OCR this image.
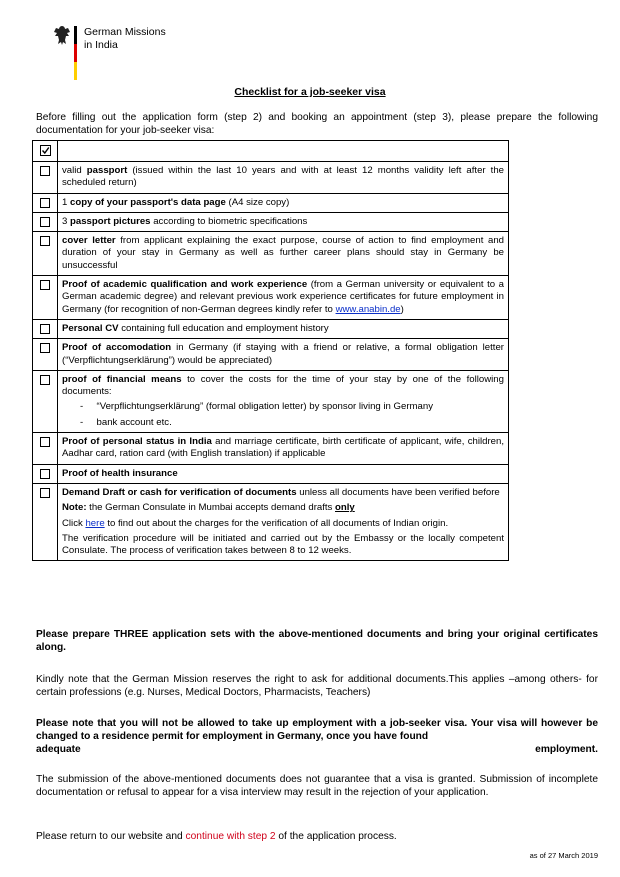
German Missions
in India
Checklist for a job-seeker visa
Before filling out the application form (step 2) and booking an appointment (step 3), please prepare the following documentation for your job-seeker visa:

	valid passport (issued within the last 10 years and with at least 12 months validity left after the scheduled return)
	1 copy of your passport's data page (A4 size copy)
	3 passport pictures according to biometric specifications
	cover letter from applicant explaining the exact purpose, course of action to find employment and duration of your stay in Germany as well as further career plans should stay in Germany be unsuccessful
	Proof of academic qualification and work experience (from a German university or equivalent to a German academic degree) and relevant previous work experience certificates for future employment in Germany (for recognition of non-German degrees kindly refer to www.anabin.de)
	Personal CV containing full education and employment history
	Proof of accomodation in Germany (if staying with a friend or relative, a formal obligation letter (“Verpflichtungserklärung”) would be appreciated)
	proof of financial means to cover the costs for the time of your stay by one of the following documents:
- “Verpflichtungserklärung” (formal obligation letter) by sponsor living in Germany
- bank account etc.

	Proof of personal status in India and marriage certificate, birth certificate of applicant, wife, children, Aadhar card, ration card (with English translation) if applicable
	Proof of health insurance
	Demand Draft or cash for verification of documents unless all documents have been verified before
Note: the German Consulate in Mumbai accepts demand drafts only
Click here to find out about the charges for the verification of all documents of Indian origin.
The verification procedure will be initiated and carried out by the Embassy or the locally competent Consulate. The process of verification takes between 8 to 12 weeks.
Please prepare THREE application sets with the above-mentioned documents and bring your original certificates along.
Kindly note that the German Mission reserves the right to ask for additional documents.This applies –among others- for certain professions (e.g. Nurses, Medical Doctors, Pharmacists, Teachers)
Please note that you will not be allowed to take up employment with a job-seeker visa. Your visa will however be changed to a residence permit for employment in Germany, once you have found
adequate	employment.
The submission of the above-mentioned documents does not guarantee that a visa is granted. Submission of incomplete documentation or refusal to appear for a visa interview may result in the rejection of your application.
Please return to our website and continue with step 2 of the application process.
as of 27 March 2019
